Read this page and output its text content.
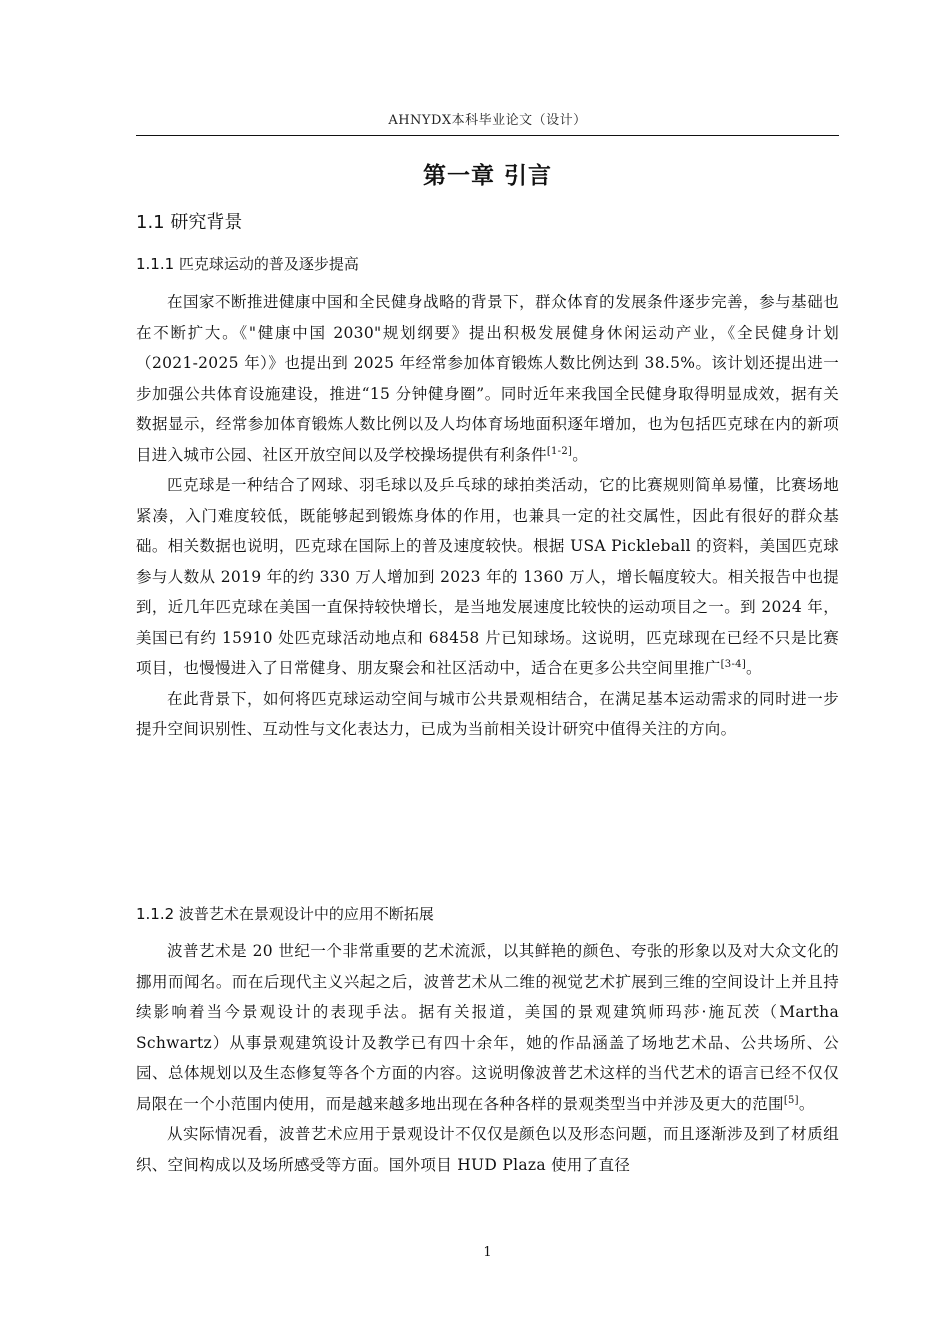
AHNYDX本科毕业论文（设计）
第一章 引言
1.1 研究背景
1.1.1 匹克球运动的普及逐步提高

在国家不断推进健康中国和全民健身战略的背景下，群众体育的发展条件逐步完善，参与基础也在不断扩大。《"健康中国 2030"规划纲要》提出积极发展健身休闲运动产业，《全民健身计划（2021-2025 年）》也提出到 2025 年经常参加体育锻炼人数比例达到 38.5%。该计划还提出进一步加强公共体育设施建设，推进“15 分钟健身圈”。同时近年来我国全民健身取得明显成效，据有关数据显示，经常参加体育锻炼人数比例以及人均体育场地面积逐年增加，也为包括匹克球在内的新项目进入城市公园、社区开放空间以及学校操场提供有利条件[1-2]。

匹克球是一种结合了网球、羽毛球以及乒乓球的球拍类活动，它的比赛规则简单易懂，比赛场地紧凑，入门难度较低，既能够起到锻炼身体的作用，也兼具一定的社交属性，因此有很好的群众基础。相关数据也说明，匹克球在国际上的普及速度较快。根据 USA Pickleball 的资料，美国匹克球参与人数从 2019 年的约 330 万人增加到 2023 年的 1360 万人，增长幅度较大。相关报告中也提到，近几年匹克球在美国一直保持较快增长，是当地发展速度比较快的运动项目之一。到 2024 年，美国已有约 15910 处匹克球活动地点和 68458 片已知球场。这说明，匹克球现在已经不只是比赛项目，也慢慢进入了日常健身、朋友聚会和社区活动中，适合在更多公共空间里推广[3-4]。

在此背景下，如何将匹克球运动空间与城市公共景观相结合，在满足基本运动需求的同时进一步提升空间识别性、互动性与文化表达力，已成为当前相关设计研究中值得关注的方向。

1.1.2 波普艺术在景观设计中的应用不断拓展

波普艺术是 20 世纪一个非常重要的艺术流派，以其鲜艳的颜色、夸张的形象以及对大众文化的挪用而闻名。而在后现代主义兴起之后，波普艺术从二维的视觉艺术扩展到三维的空间设计上并且持续影响着当今景观设计的表现手法。据有关报道，美国的景观建筑师玛莎·施瓦茨（Martha Schwartz）从事景观建筑设计及教学已有四十余年，她的作品涵盖了场地艺术品、公共场所、公园、总体规划以及生态修复等各个方面的内容。这说明像波普艺术这样的当代艺术的语言已经不仅仅局限在一个小范围内使用，而是越来越多地出现在各种各样的景观类型当中并涉及更大的范围[5]。

从实际情况看，波普艺术应用于景观设计不仅仅是颜色以及形态问题，而且逐渐涉及到了材质组织、空间构成以及场所感受等方面。国外项目 HUD Plaza 使用了直径

1
